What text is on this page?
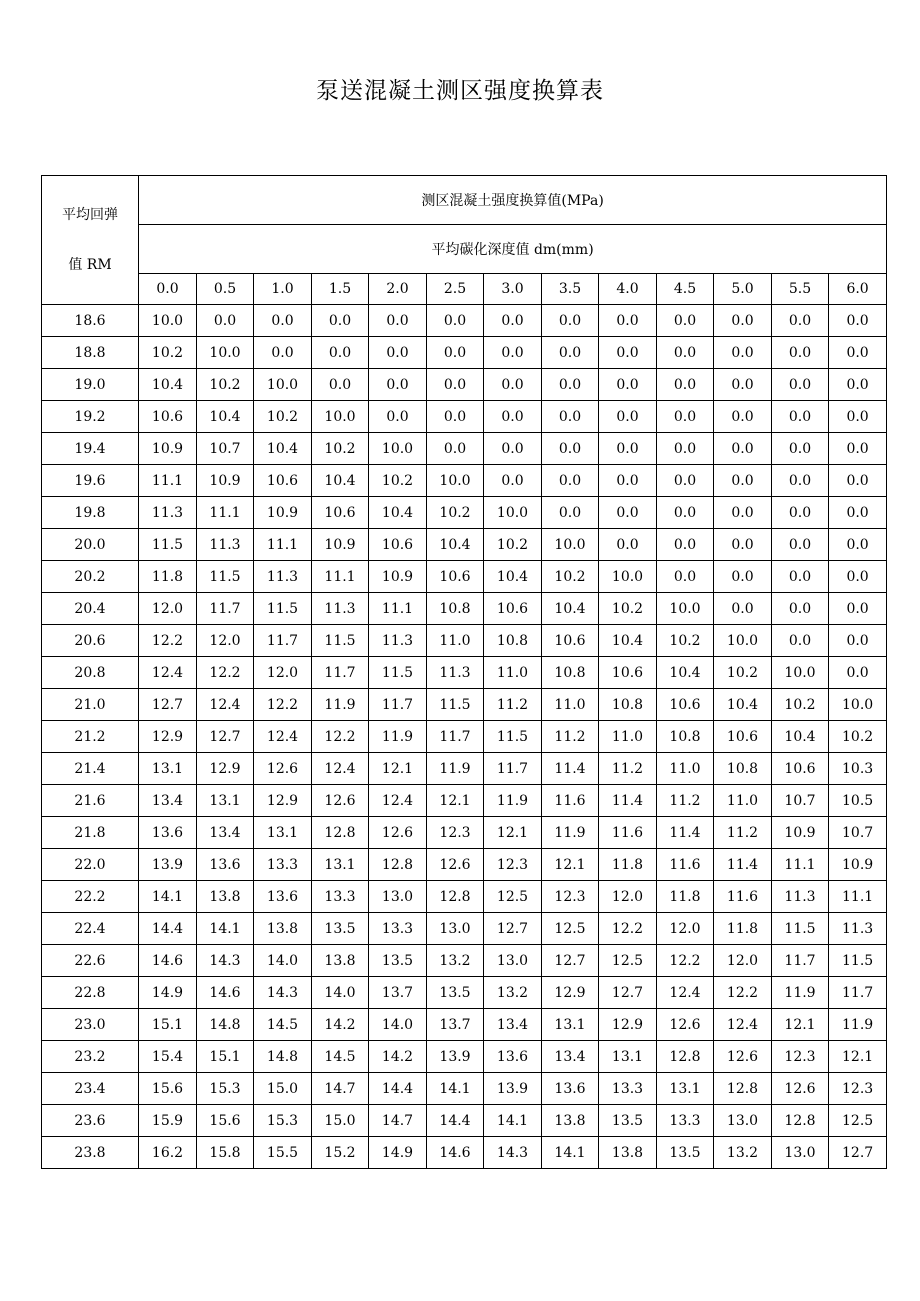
泵送混凝土测区强度换算表
平均回弹
值 RM	测区混凝土强度换算值(MPa)												
	平均碳化深度值 dm(mm)												
	0.0	0.5	1.0	1.5	2.0	2.5	3.0	3.5	4.0	4.5	5.0	5.5	6.0
18.6	10.0	0.0	0.0	0.0	0.0	0.0	0.0	0.0	0.0	0.0	0.0	0.0	0.0
18.8	10.2	10.0	0.0	0.0	0.0	0.0	0.0	0.0	0.0	0.0	0.0	0.0	0.0
19.0	10.4	10.2	10.0	0.0	0.0	0.0	0.0	0.0	0.0	0.0	0.0	0.0	0.0
19.2	10.6	10.4	10.2	10.0	0.0	0.0	0.0	0.0	0.0	0.0	0.0	0.0	0.0
19.4	10.9	10.7	10.4	10.2	10.0	0.0	0.0	0.0	0.0	0.0	0.0	0.0	0.0
19.6	11.1	10.9	10.6	10.4	10.2	10.0	0.0	0.0	0.0	0.0	0.0	0.0	0.0
19.8	11.3	11.1	10.9	10.6	10.4	10.2	10.0	0.0	0.0	0.0	0.0	0.0	0.0
20.0	11.5	11.3	11.1	10.9	10.6	10.4	10.2	10.0	0.0	0.0	0.0	0.0	0.0
20.2	11.8	11.5	11.3	11.1	10.9	10.6	10.4	10.2	10.0	0.0	0.0	0.0	0.0
20.4	12.0	11.7	11.5	11.3	11.1	10.8	10.6	10.4	10.2	10.0	0.0	0.0	0.0
20.6	12.2	12.0	11.7	11.5	11.3	11.0	10.8	10.6	10.4	10.2	10.0	0.0	0.0
20.8	12.4	12.2	12.0	11.7	11.5	11.3	11.0	10.8	10.6	10.4	10.2	10.0	0.0
21.0	12.7	12.4	12.2	11.9	11.7	11.5	11.2	11.0	10.8	10.6	10.4	10.2	10.0
21.2	12.9	12.7	12.4	12.2	11.9	11.7	11.5	11.2	11.0	10.8	10.6	10.4	10.2
21.4	13.1	12.9	12.6	12.4	12.1	11.9	11.7	11.4	11.2	11.0	10.8	10.6	10.3
21.6	13.4	13.1	12.9	12.6	12.4	12.1	11.9	11.6	11.4	11.2	11.0	10.7	10.5
21.8	13.6	13.4	13.1	12.8	12.6	12.3	12.1	11.9	11.6	11.4	11.2	10.9	10.7
22.0	13.9	13.6	13.3	13.1	12.8	12.6	12.3	12.1	11.8	11.6	11.4	11.1	10.9
22.2	14.1	13.8	13.6	13.3	13.0	12.8	12.5	12.3	12.0	11.8	11.6	11.3	11.1
22.4	14.4	14.1	13.8	13.5	13.3	13.0	12.7	12.5	12.2	12.0	11.8	11.5	11.3
22.6	14.6	14.3	14.0	13.8	13.5	13.2	13.0	12.7	12.5	12.2	12.0	11.7	11.5
22.8	14.9	14.6	14.3	14.0	13.7	13.5	13.2	12.9	12.7	12.4	12.2	11.9	11.7
23.0	15.1	14.8	14.5	14.2	14.0	13.7	13.4	13.1	12.9	12.6	12.4	12.1	11.9
23.2	15.4	15.1	14.8	14.5	14.2	13.9	13.6	13.4	13.1	12.8	12.6	12.3	12.1
23.4	15.6	15.3	15.0	14.7	14.4	14.1	13.9	13.6	13.3	13.1	12.8	12.6	12.3
23.6	15.9	15.6	15.3	15.0	14.7	14.4	14.1	13.8	13.5	13.3	13.0	12.8	12.5
23.8	16.2	15.8	15.5	15.2	14.9	14.6	14.3	14.1	13.8	13.5	13.2	13.0	12.7
